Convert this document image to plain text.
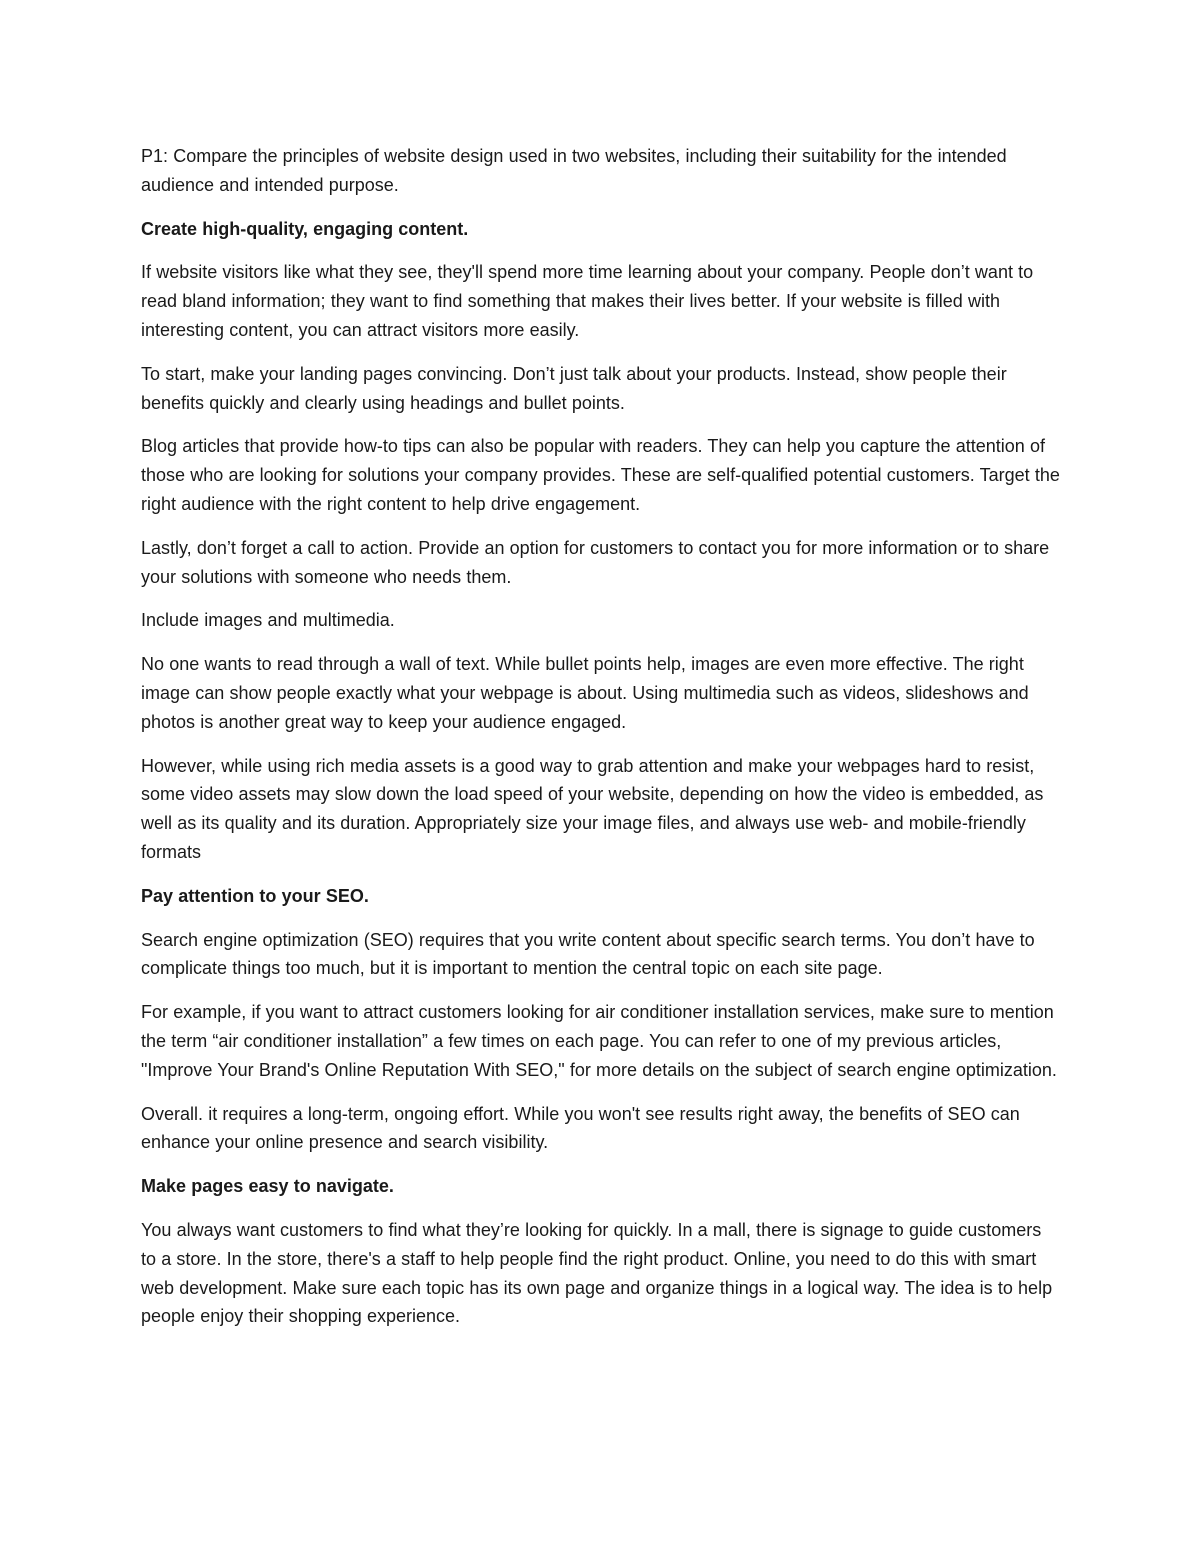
P1: Compare the principles of website design used in two websites, including their suitability for the intended audience and intended purpose.

Create high-quality, engaging content.

If website visitors like what they see, they'll spend more time learning about your company. People don’t want to read bland information; they want to find something that makes their lives better. If your website is filled with interesting content, you can attract visitors more easily.

To start, make your landing pages convincing. Don’t just talk about your products. Instead, show people their benefits quickly and clearly using headings and bullet points.

Blog articles that provide how-to tips can also be popular with readers. They can help you capture the attention of those who are looking for solutions your company provides. These are self-qualified potential customers. Target the right audience with the right content to help drive engagement.

Lastly, don’t forget a call to action. Provide an option for customers to contact you for more information or to share your solutions with someone who needs them.

Include images and multimedia.

No one wants to read through a wall of text. While bullet points help, images are even more effective. The right image can show people exactly what your webpage is about. Using multimedia such as videos, slideshows and photos is another great way to keep your audience engaged.

However, while using rich media assets is a good way to grab attention and make your webpages hard to resist, some video assets may slow down the load speed of your website, depending on how the video is embedded, as well as its quality and its duration. Appropriately size your image files, and always use web- and mobile-friendly formats

Pay attention to your SEO.

Search engine optimization (SEO) requires that you write content about specific search terms. You don’t have to complicate things too much, but it is important to mention the central topic on each site page.

For example, if you want to attract customers looking for air conditioner installation services, make sure to mention the term “air conditioner installation” a few times on each page. You can refer to one of my previous articles, "Improve Your Brand's Online Reputation With SEO," for more details on the subject of search engine optimization.

Overall. it requires a long-term, ongoing effort. While you won't see results right away, the benefits of SEO can enhance your online presence and search visibility.

Make pages easy to navigate.

You always want customers to find what they’re looking for quickly. In a mall, there is signage to guide customers to a store. In the store, there's a staff to help people find the right product. Online, you need to do this with smart web development. Make sure each topic has its own page and organize things in a logical way. The idea is to help people enjoy their shopping experience.
